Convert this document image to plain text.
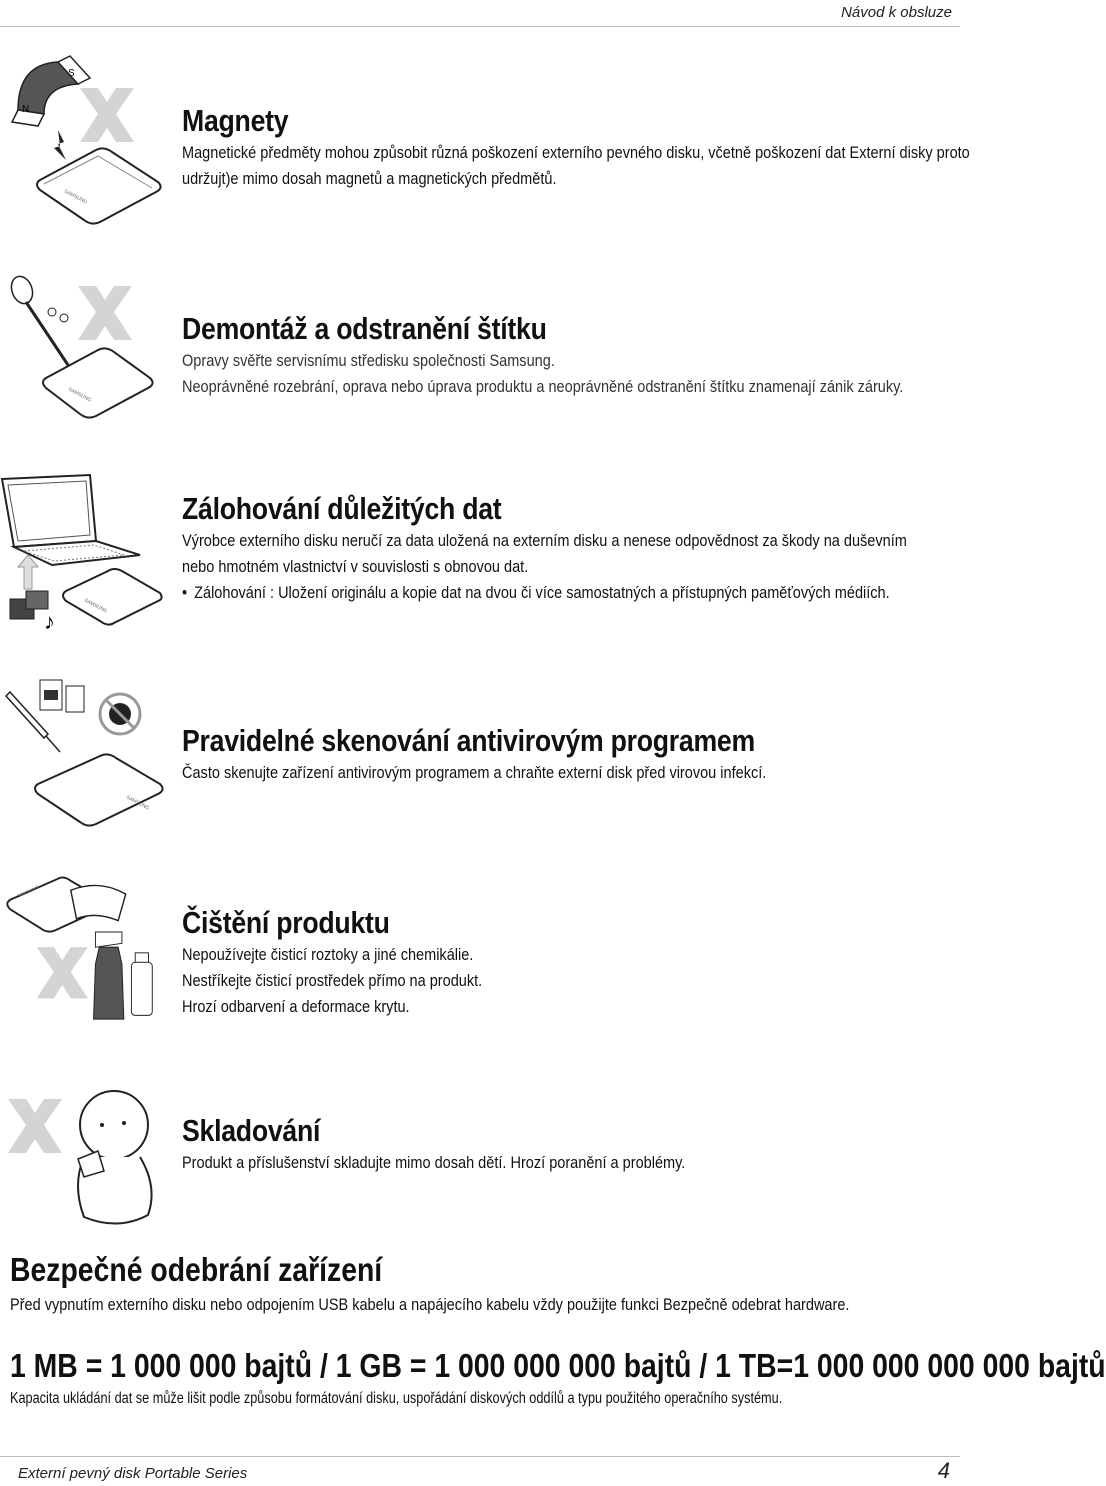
Návod k obsluze
N
S
SAMSUNG
Magnety

Magnetické předměty mohou způsobit různá poškození externího pevného disku, včetně poškození dat Externí disky proto

udržujt)e mimo dosah magnetů a magnetických předmětů.

SAMSUNG
Demontáž a odstranění štítku

Opravy svěřte servisnímu středisku společnosti Samsung.

Neoprávněné rozebrání, oprava nebo úprava produktu a neoprávněné odstranění štítku znamenají zánik záruky.

♪
SAMSUNG
Zálohování důležitých dat

Výrobce externího disku neručí za data uložená na externím disku a nenese odpovědnost za škody na duševním

nebo hmotném vlastnictví v souvislosti s obnovou dat.

• Zálohování : Uložení originálu a kopie dat na dvou či více samostatných a přístupných paměťových médiích.

SAMSUNG
Pravidelné skenování antivirovým programem

Často skenujte zařízení antivirovým programem a chraňte externí disk před virovou infekcí.

SAMSUNG
Čištění produktu

Nepoužívejte čisticí roztoky a jiné chemikálie.

Nestříkejte čisticí prostředek přímo na produkt.

Hrozí odbarvení a deformace krytu.

Skladování

Produkt a příslušenství skladujte mimo dosah dětí. Hrozí poranění a problémy.

Bezpečné odebrání zařízení

Před vypnutím externího disku nebo odpojením USB kabelu a napájecího kabelu vždy použijte funkci Bezpečně odebrat hardware.

1 MB = 1 000 000 bajtů / 1 GB = 1 000 000 000 bajtů / 1 TB=1 000 000 000 000 bajtů

Kapacita ukládání dat se může lišit podle způsobu formátování disku, uspořádání diskových oddílů a typu použitého operačního systému.

Externí pevný disk Portable Series	4
